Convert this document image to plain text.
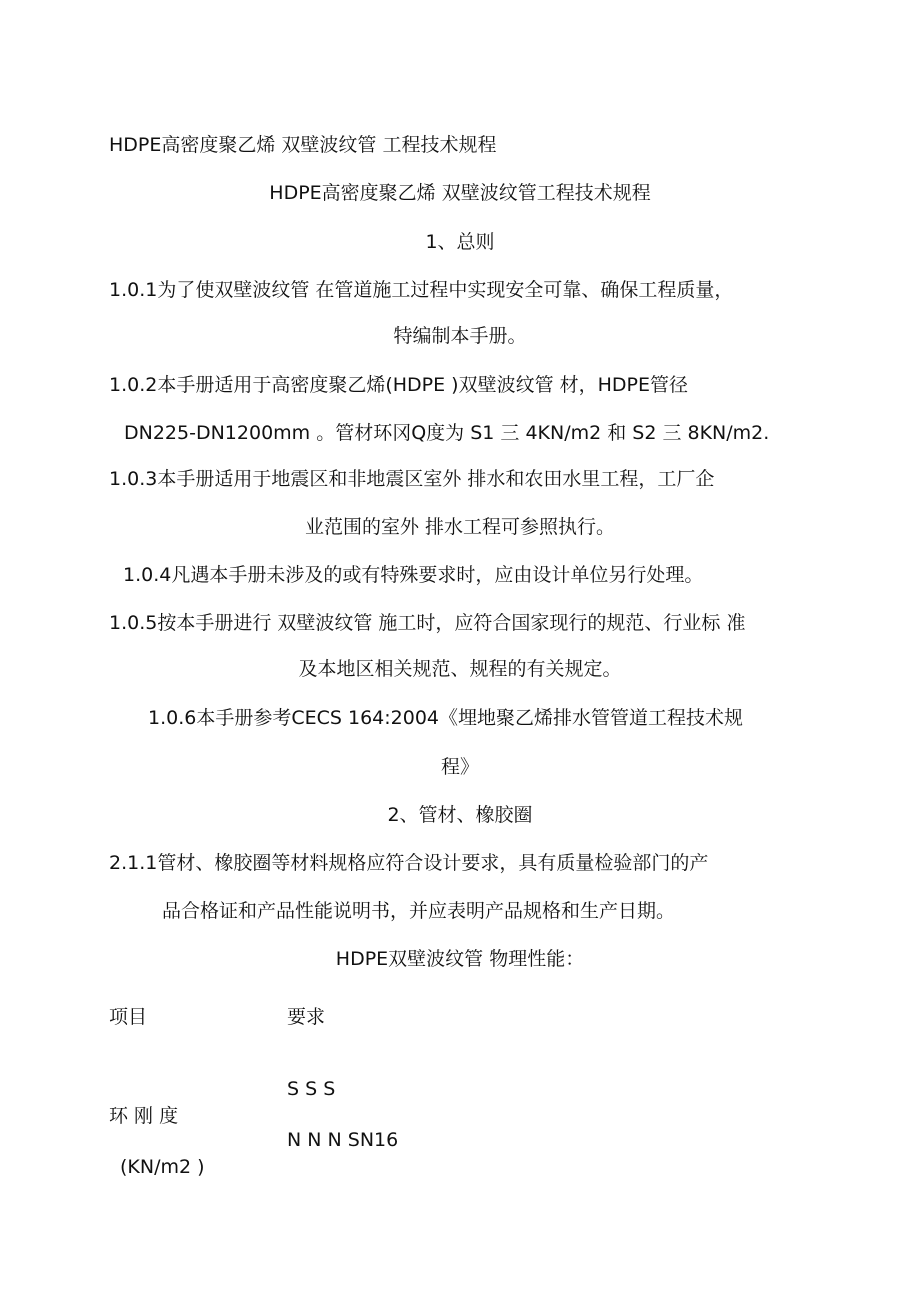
HDPE高密度聚乙烯 双壁波纹管 工程技术规程
HDPE高密度聚乙烯 双壁波纹管工程技术规程
1、总则
1.0.1为了使双壁波纹管 在管道施工过程中实现安全可靠、确保工程质量，
特编制本手册。
1.0.2本手册适用于高密度聚乙烯(HDPE )双壁波纹管 材，HDPE管径
DN225-DN1200mm 。管材环冈Q度为 S1 三 4KN/m2 和 S2 三 8KN/m2.
1.0.3本手册适用于地震区和非地震区室外 排水和农田水里工程，工厂企
业范围的室外 排水工程可参照执行。
1.0.4凡遇本手册未涉及的或有特殊要求时，应由设计单位另行处理。
1.0.5按本手册进行 双壁波纹管 施工时，应符合国家现行的规范、行业标 准
及本地区相关规范、规程的有关规定。
1.0.6本手册参考CECS 164:2004《埋地聚乙烯排水管管道工程技术规
程》
2、管材、橡胶圈
2.1.1管材、橡胶圈等材料规格应符合设计要求，具有质量检验部门的产
品合格证和产品性能说明书，并应表明产品规格和生产日期。
HDPE双壁波纹管 物理性能：
项目	要求
S S S
环 刚 度
N N N SN16
(KN/m2 )
